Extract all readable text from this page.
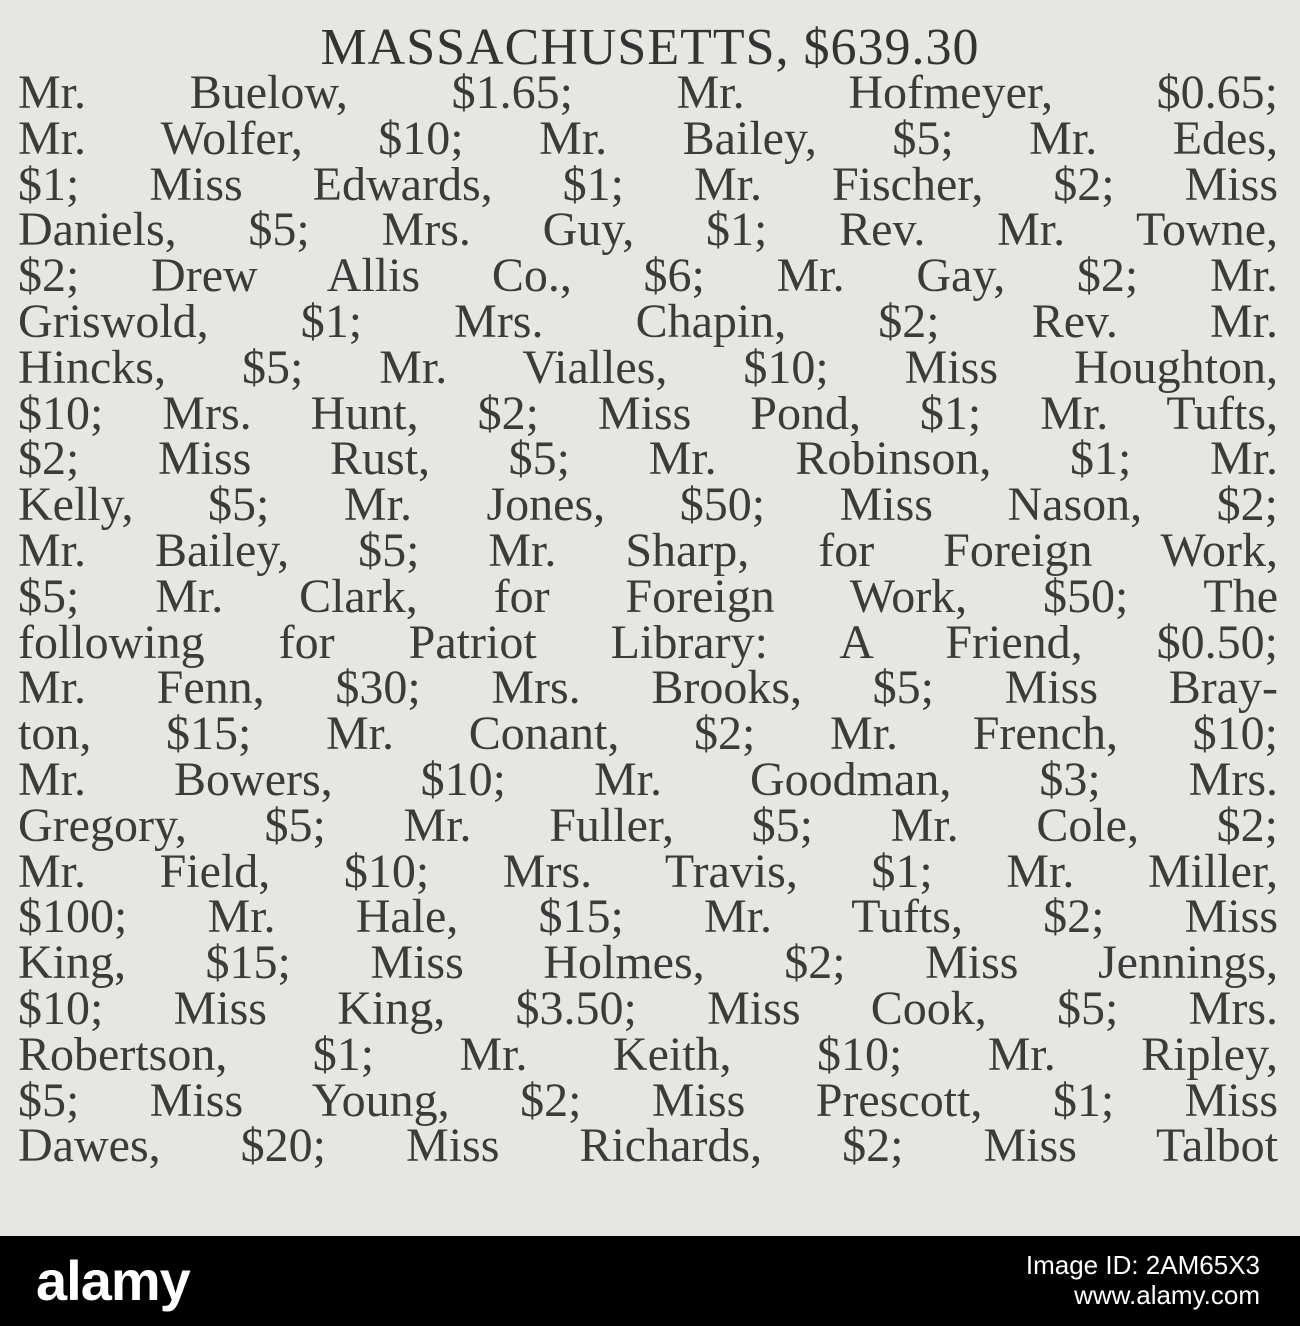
MASSACHUSETTS, $639.30
Mr. Buelow, $1.65; Mr. Hofmeyer, $0.65;
Mr. Wolfer, $10; Mr. Bailey, $5; Mr. Edes,
$1; Miss Edwards, $1; Mr. Fischer, $2; Miss
Daniels, $5; Mrs. Guy, $1; Rev. Mr. Towne,
$2; Drew Allis Co., $6; Mr. Gay, $2; Mr.
Griswold, $1; Mrs. Chapin, $2; Rev. Mr.
Hincks, $5; Mr. Vialles, $10; Miss Houghton,
$10; Mrs. Hunt, $2; Miss Pond, $1; Mr. Tufts,
$2; Miss Rust, $5; Mr. Robinson, $1; Mr.
Kelly, $5; Mr. Jones, $50; Miss Nason, $2;
Mr. Bailey, $5; Mr. Sharp, for Foreign Work,
$5; Mr. Clark, for Foreign Work, $50; The
following for Patriot Library: A Friend, $0.50;
Mr. Fenn, $30; Mrs. Brooks, $5; Miss Bray-
ton, $15; Mr. Conant, $2; Mr. French, $10;
Mr. Bowers, $10; Mr. Goodman, $3; Mrs.
Gregory, $5; Mr. Fuller, $5; Mr. Cole, $2;
Mr. Field, $10; Mrs. Travis, $1; Mr. Miller,
$100; Mr. Hale, $15; Mr. Tufts, $2; Miss
King, $15; Miss Holmes, $2; Miss Jennings,
$10; Miss King, $3.50; Miss Cook, $5; Mrs.
Robertson, $1; Mr. Keith, $10; Mr. Ripley,
$5; Miss Young, $2; Miss Prescott, $1; Miss
Dawes, $20; Miss Richards, $2; Miss Talbot
alamy	Image ID: 2AM65X3
www.alamy.com
